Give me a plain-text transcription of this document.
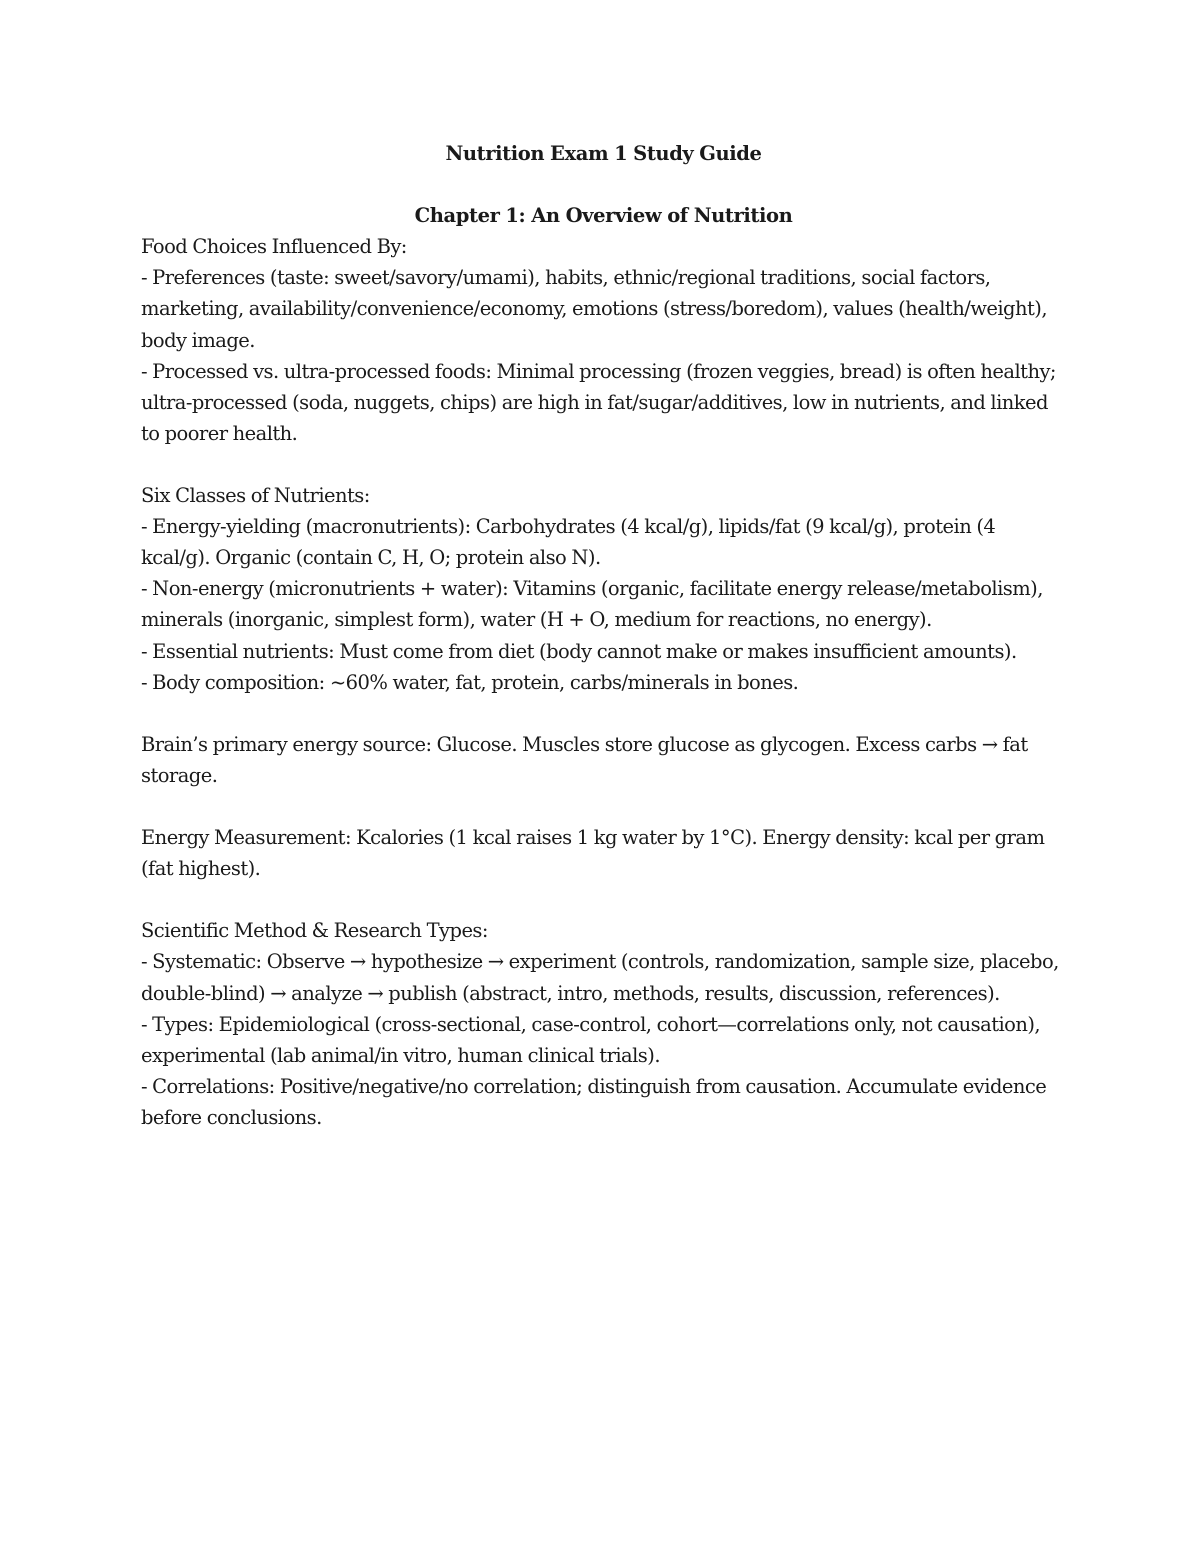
Nutrition Exam 1 Study Guide

Chapter 1: An Overview of Nutrition

Food Choices Influenced By:

- Preferences (taste: sweet/savory/umami), habits, ethnic/regional traditions, social factors, marketing, availability/convenience/economy, emotions (stress/boredom), values (health/weight), body image.

- Processed vs. ultra-processed foods: Minimal processing (frozen veggies, bread) is often healthy; ultra-processed (soda, nuggets, chips) are high in fat/sugar/additives, low in nutrients, and linked to poorer health.

Six Classes of Nutrients:

- Energy-yielding (macronutrients): Carbohydrates (4 kcal/g), lipids/fat (9 kcal/g), protein (4 kcal/g). Organic (contain C, H, O; protein also N).

- Non-energy (micronutrients + water): Vitamins (organic, facilitate energy release/metabolism), minerals (inorganic, simplest form), water (H + O, medium for reactions, no energy).

- Essential nutrients: Must come from diet (body cannot make or makes insufficient amounts).

- Body composition: ~60% water, fat, protein, carbs/minerals in bones.

Brain’s primary energy source: Glucose. Muscles store glucose as glycogen. Excess carbs → fat storage.

Energy Measurement: Kcalories (1 kcal raises 1 kg water by 1°C). Energy density: kcal per gram (fat highest).

Scientific Method & Research Types:

- Systematic: Observe → hypothesize → experiment (controls, randomization, sample size, placebo, double-blind) → analyze → publish (abstract, intro, methods, results, discussion, references).

- Types: Epidemiological (cross-sectional, case-control, cohort—correlations only, not causation), experimental (lab animal/in vitro, human clinical trials).

- Correlations: Positive/negative/no correlation; distinguish from causation. Accumulate evidence before conclusions.
